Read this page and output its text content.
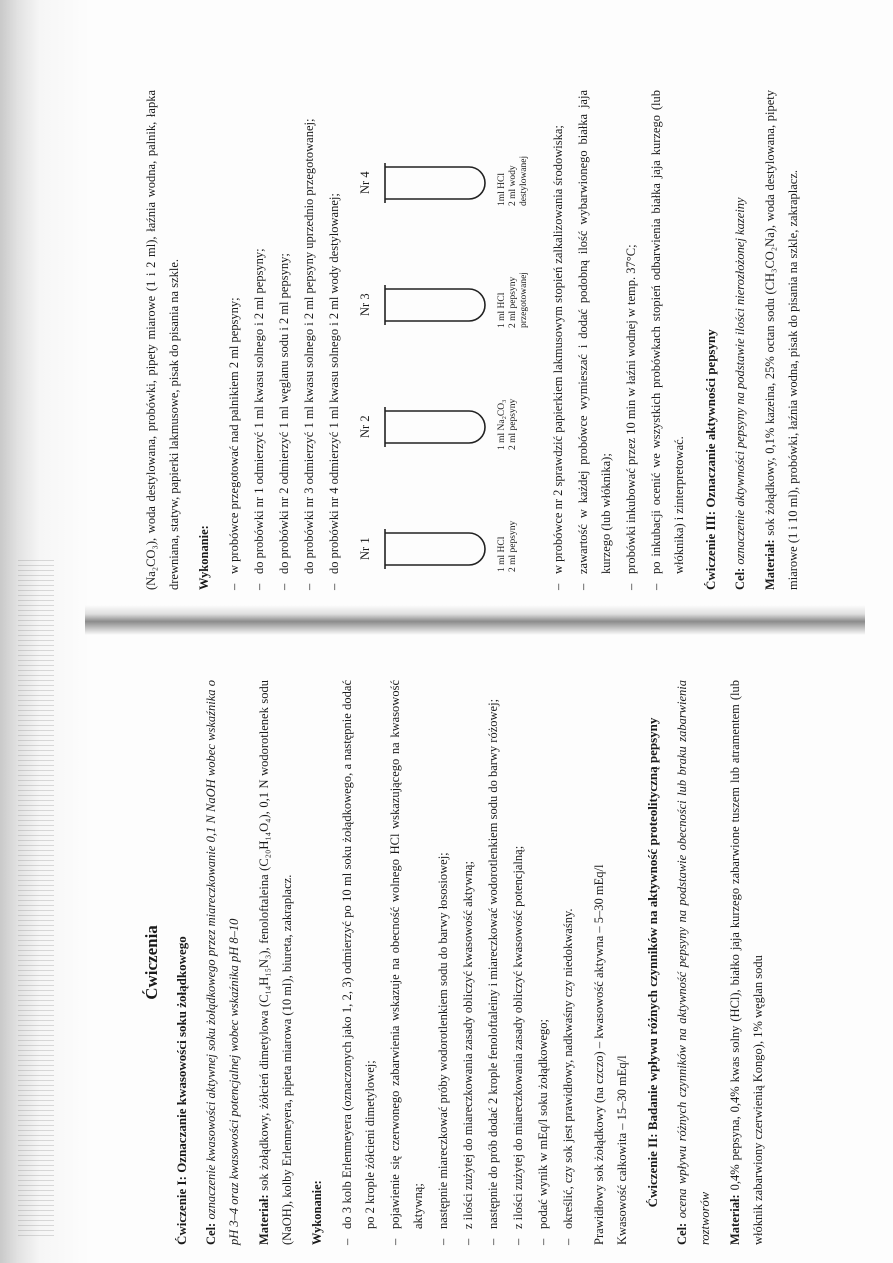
Ćwiczenia	Ćwiczenie I: Oznaczanie kwasowości soku żołądkowego	Cel: oznaczenie kwasowości aktywnej soku żołądkowego przez miareczkowanie 0,1 N NaOH wobec wskaźnika o pH 3–4 oraz kwasowości potencjalnej wobec wskaźnika pH 8–10	Materiał: sok żołądkowy, żółcień dimetylowa (C₁₄H₁₅N₃), fenoloftaleina (C₂₀H₁₄O₄), 0,1 N wodorotlenek sodu (NaOH), kolby Erlenmeyera, pipeta miarowa (10 ml), biureta, zakraplacz.	Wykonanie:	– do 3 kolb Erlenmeyera (oznaczonych jako 1, 2, 3) odmierzyć po 10 ml soku żołądkowego, a następnie dodać po 2 krople żółcieni dimetylowej; – pojawienie się czerwonego zabarwienia wskazuje na obecność wolnego HCl wskazującego na kwasowość aktywną; – następnie miareczkować próby wodorotlenkiem sodu do barwy łososiowej; – z ilości zużytej do miareczkowania zasady obliczyć kwasowość aktywną; – następnie do prób dodać 2 krople fenoloftaleiny i miareczkować wodorotlenkiem sodu do barwy różowej; – z ilości zużytej do miareczkowania zasady obliczyć kwasowość potencjalną; – podać wynik w mEq/l soku żołądkowego; – określić, czy sok jest prawidłowy, nadkwaśny czy niedokwaśny.	Prawidłowy sok żołądkowy (na czczo) – kwasowość aktywna – 5–30 mEq/l Kwasowość całkowita – 15–30 mEq/l	Ćwiczenie II: Badanie wpływu różnych czynników na aktywność proteolityczną pepsyny

Cel: ocena wpływu różnych czynników na aktywność pepsyny na podstawie obecności lub braku zabarwienia roztworów	Materiał: 0,4% pepsyna, 0,4% kwas solny (HCl), białko jaja kurzego zabarwione tuszem lub atramentem (lub włóknik zabarwiony czerwienią Kongo), 1% węglan sodu

(Na₂CO₃), woda destylowana, probówki, pipety miarowe (1 i 2 ml), łaźnia wodna, palnik, łapka drewniana, statyw, papierki lakmusowe, pisak do pisania na szkle.	Wykonanie:	– w probówce przegotować nad palnikiem 2 ml pepsyny; – do probówki nr 1 odmierzyć 1 ml kwasu solnego i 2 ml pepsyny; – do probówki nr 2 odmierzyć 1 ml węglanu sodu i 2 ml pepsyny; – do probówki nr 3 odmierzyć 1 ml kwasu solnego i 2 ml pepsyny uprzednio przegotowanej; – do probówki nr 4 odmierzyć 1 ml kwasu solnego i 2 ml wody destylowanej;	Nr 1	1 ml HCl 2 ml pepsyny
Nr 2	1 ml Na₂CO₃ 2 ml pepsyny
Nr 3	1 ml HCl 2 ml pepsyny przegotowanej
Nr 4	1ml HCl 2 ml wody destylowanej	– w probówce nr 2 sprawdzić papierkiem lakmusowym stopień zalkalizowania środowiska; – zawartość w każdej probówce wymieszać i dodać podobną ilość wybarwionego białka jaja kurzego (lub włóknika); – probówki inkubować przez 10 min w łaźni wodnej w temp. 37°C; – po inkubacji ocenić we wszystkich probówkach stopień odbarwienia białka jaja kurzego (lub włóknika) i zinterpretować.	Ćwiczenie III: Oznaczanie aktywności pepsyny	Cel: oznaczenie aktywności pepsyny na podstawie ilości nierozłożonej kazeiny

Materiał: sok żołądkowy, 0,1% kazeina, 25% octan sodu (CH₃CO₂Na), woda destylowana, pipety miarowe (1 i 10 ml), probówki, łaźnia wodna, pisak do pisania na szkle, zakraplacz.
